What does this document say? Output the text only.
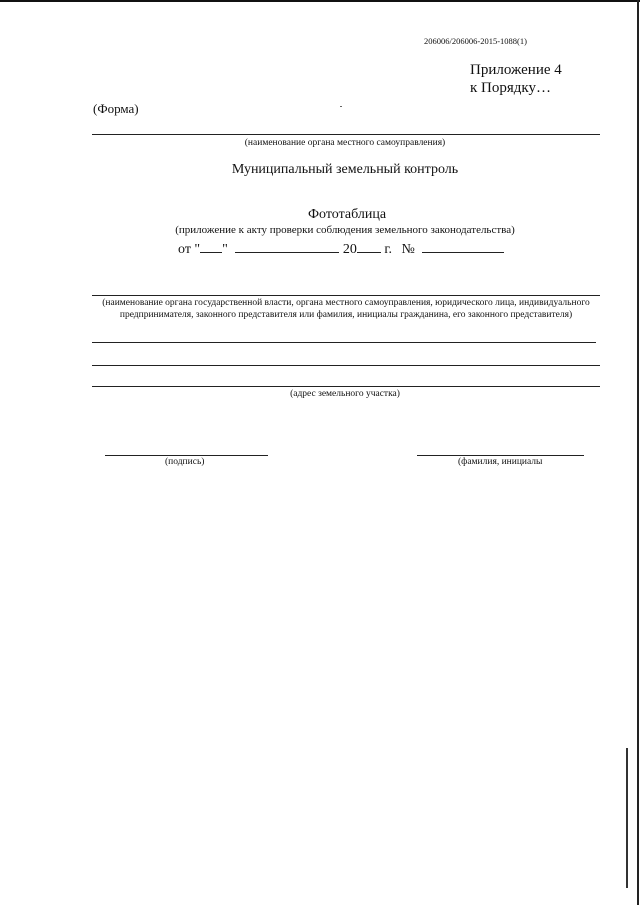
206006/206006-2015-1088(1)
Приложение 4
к Порядку…
(Форма)
(наименование органа местного самоуправления)
Муниципальный земельный контроль
Фототаблица
(приложение к акту проверки соблюдения земельного законодательства)
от " "	20 г. №
(наименование органа государственной власти, органа местного самоуправления, юридического лица, индивидуального
предпринимателя, законного представителя или фамилия, инициалы гражданина, его законного представителя)
(адрес земельного участка)
(подпись)	(фамилия, инициалы
